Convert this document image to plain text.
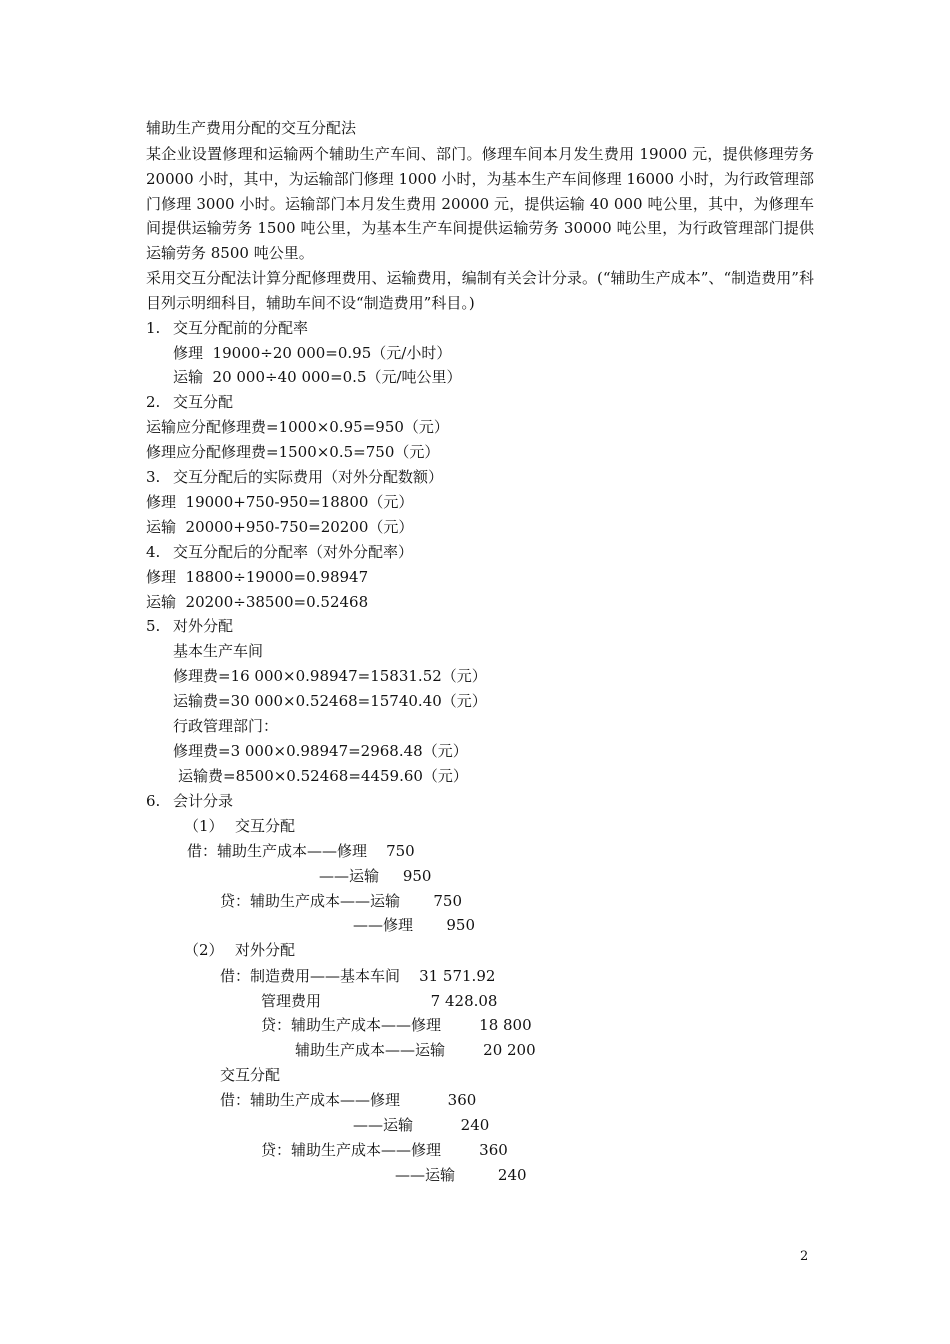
辅助生产费用分配的交互分配法
某企业设置修理和运输两个辅助生产车间、部门。修理车间本月发生费用 19000 元，提供修理劳务 20000 小时，其中，为运输部门修理 1000 小时，为基本生产车间修理 16000 小时，为行政管理部门修理 3000 小时。运输部门本月发生费用 20000 元，提供运输 40 000 吨公里，其中，为修理车间提供运输劳务 1500 吨公里，为基本生产车间提供运输劳务 30000 吨公里，为行政管理部门提供运输劳务 8500 吨公里。
采用交互分配法计算分配修理费用、运输费用，编制有关会计分录。(“辅助生产成本”、“制造费用”科目列示明细科目，辅助车间不设“制造费用”科目。)
1. 交互分配前的分配率
修理  19000÷20 000=0.95（元/小时）
运输  20 000÷40 000=0.5（元/吨公里）
2. 交互分配
运输应分配修理费=1000×0.95=950（元）
修理应分配修理费=1500×0.5=750（元）
3. 交互分配后的实际费用（对外分配数额）
修理  19000+750-950=18800（元）
运输  20000+950-750=20200（元）
4. 交互分配后的分配率（对外分配率）
修理  18800÷19000=0.98947
运输  20200÷38500=0.52468
5. 对外分配
基本生产车间
修理费=16 000×0.98947=15831.52（元）
运输费=30 000×0.52468=15740.40（元）
行政管理部门：
修理费=3 000×0.98947=2968.48（元）
运输费=8500×0.52468=4459.60（元）
6. 会计分录
（1） 交互分配
借：辅助生产成本——修理    750
——运输     950
贷：辅助生产成本——运输       750
——修理       950
（2） 对外分配
借：制造费用——基本车间    31 571.92
管理费用                       7 428.08
贷：辅助生产成本——修理        18 800
辅助生产成本——运输        20 200
交互分配
借：辅助生产成本——修理          360
——运输          240
贷：辅助生产成本——修理        360
——运输         240
2
